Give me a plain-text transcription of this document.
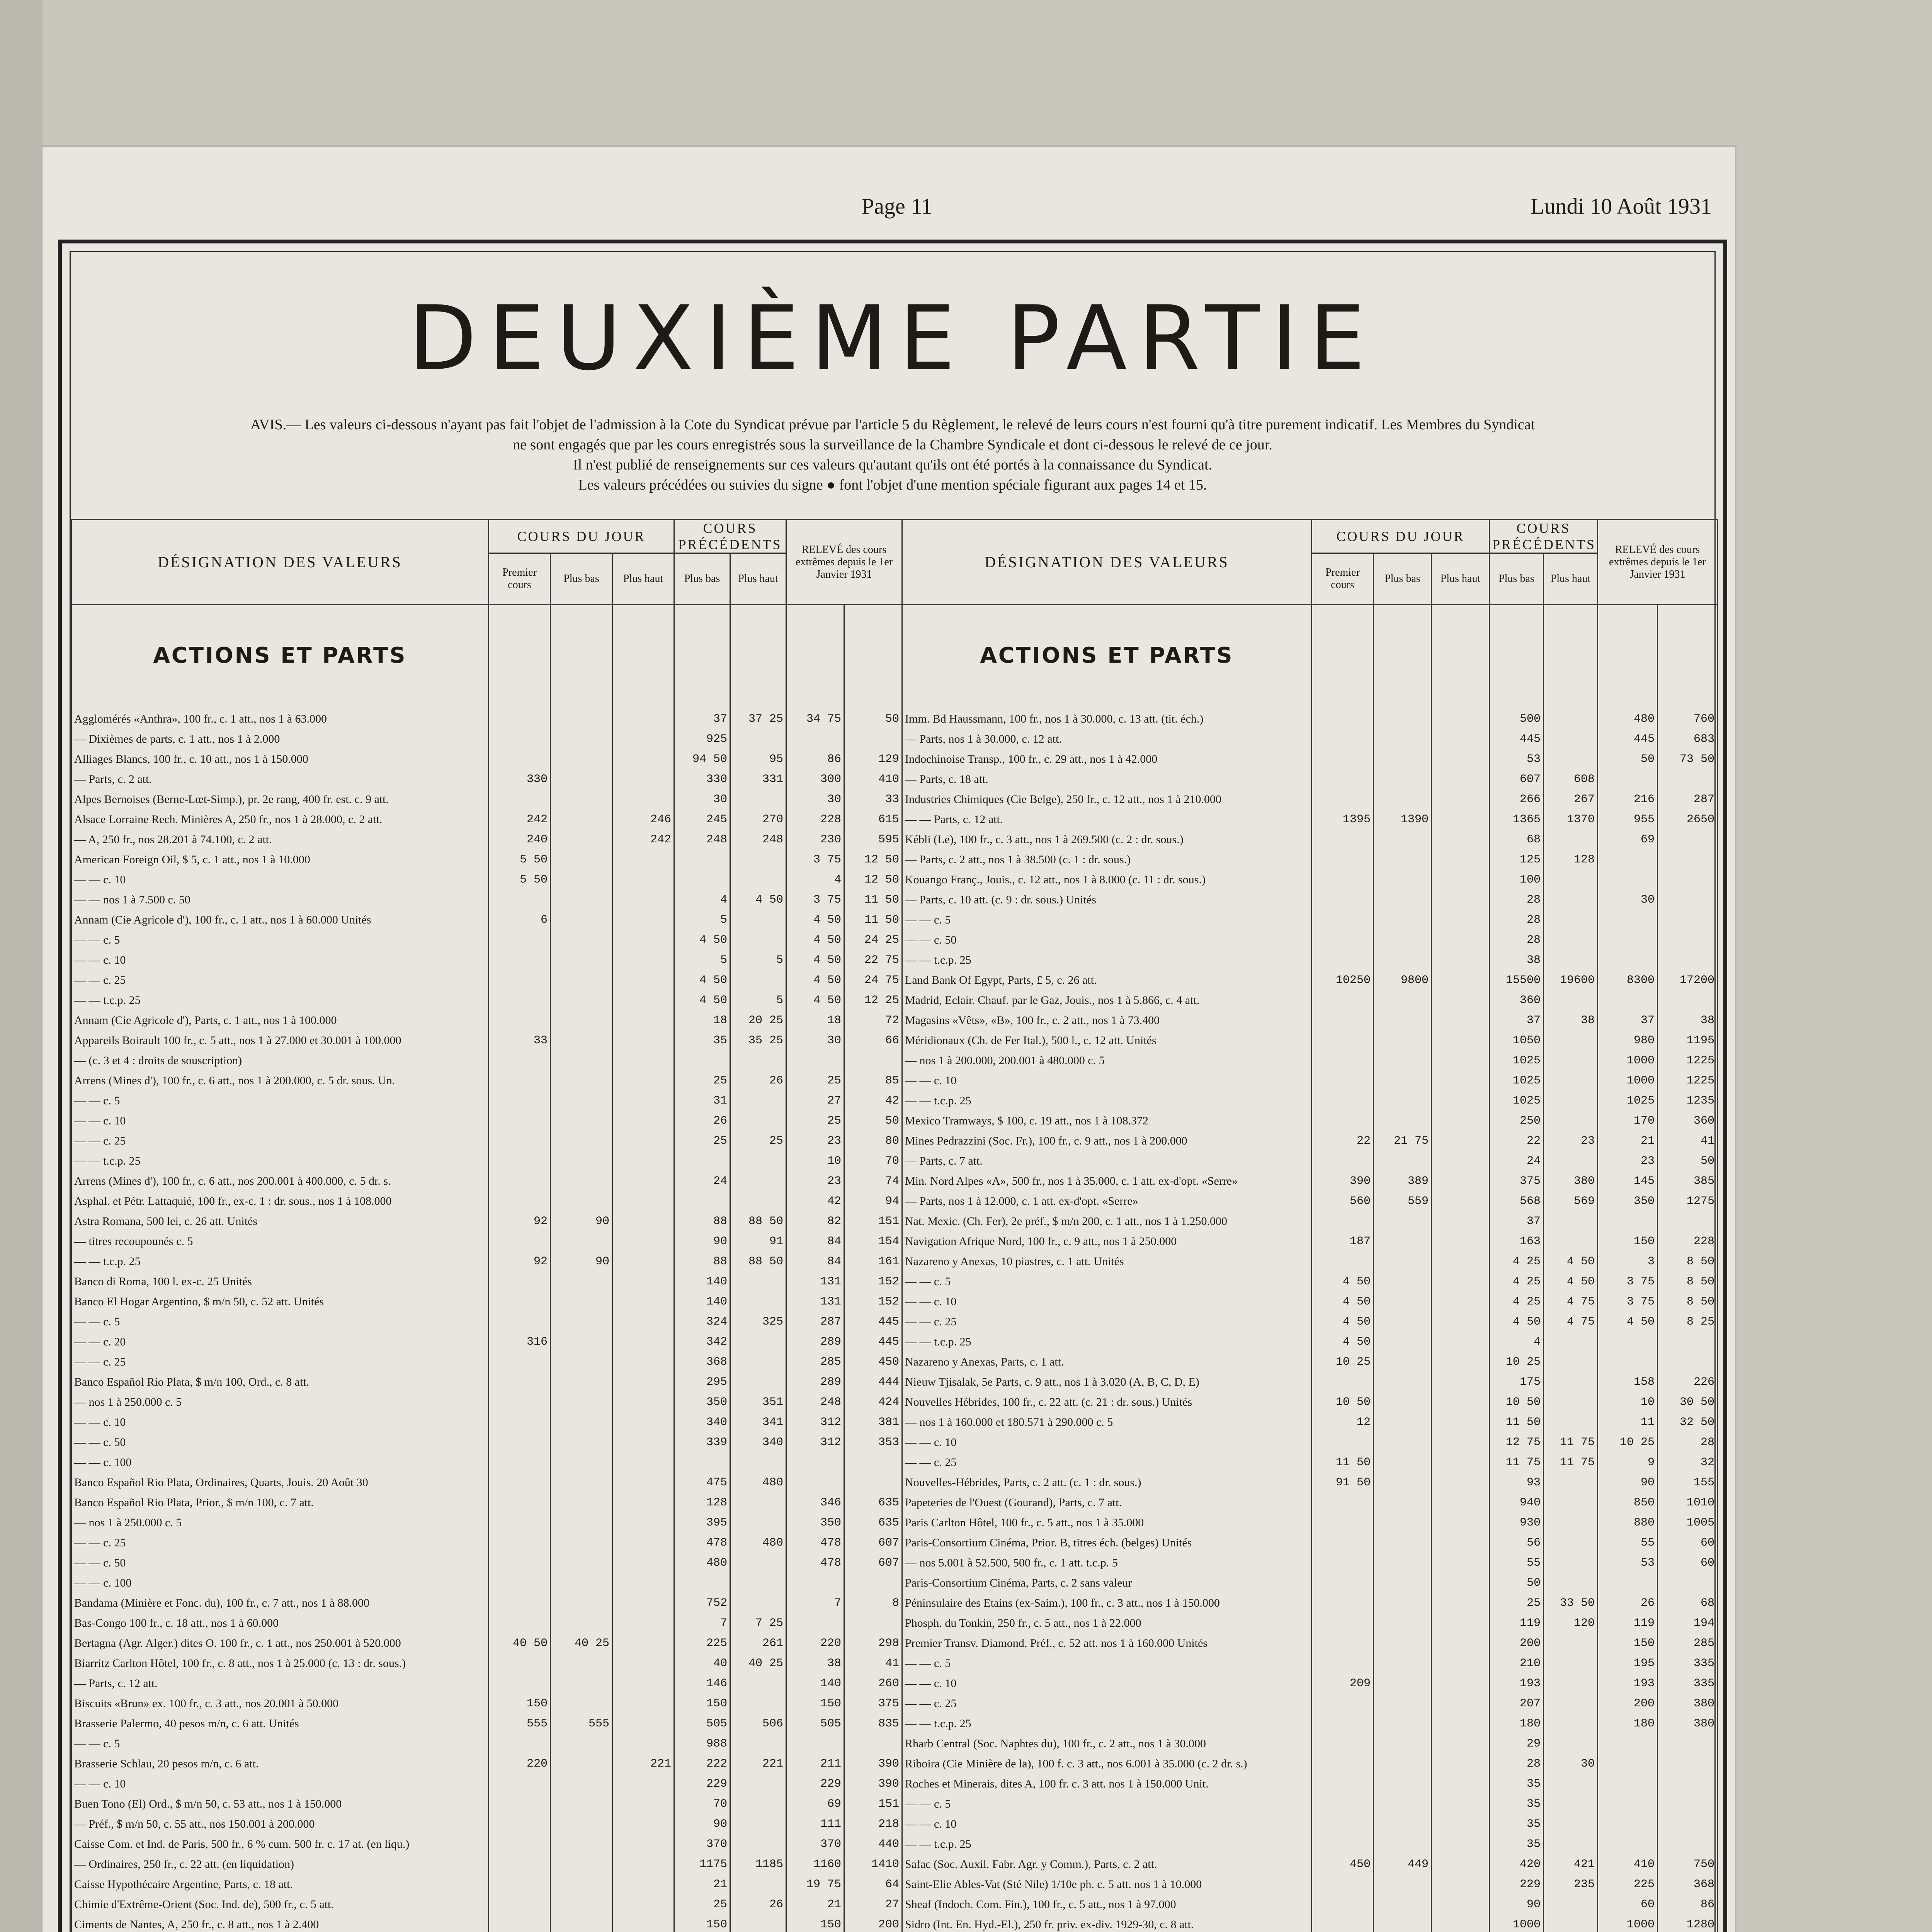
Page 11	Lundi 10 Août 1931
DEUXIÈME PARTIE
AVIS.— Les valeurs ci-dessous n'ayant pas fait l'objet de l'admission à la Cote du Syndicat prévue par l'article 5 du Règlement, le relevé de leurs cours n'est fourni qu'à titre purement indicatif. Les Membres du Syndicat
ne sont engagés que par les cours enregistrés sous la surveillance de la Chambre Syndicale et dont ci-dessous le relevé de ce jour.
Il n'est publié de renseignements sur ces valeurs qu'autant qu'ils ont été portés à la connaissance du Syndicat.
Les valeurs précédées ou suivies du signe ● font l'objet d'une mention spéciale figurant aux pages 14 et 15.
DÉSIGNATION DES VALEURS	COURS DU JOUR			COURS PRÉCÉDENTS		RELEVÉ des cours extrêmes depuis le 1er Janvier 1931	
	Premier cours	Plus bas	Plus haut	Plus bas	Plus haut		
ACTIONS ET PARTS							
Agglomérés «Anthra», 100 fr., c. 1 att., nos 1 à 63.000				37	37 25	34 75	50
— Dixièmes de parts, c. 1 att., nos 1 à 2.000				925			
Alliages Blancs, 100 fr., c. 10 att., nos 1 à 150.000				94 50	95	86	129
— Parts, c. 2 att.	330			330	331	300	410
Alpes Bernoises (Berne-Lœt-Simp.), pr. 2e rang, 400 fr. est. c. 9 att.				30		30	33
Alsace Lorraine Rech. Minières A, 250 fr., nos 1 à 28.000, c. 2 att.	242		246	245	270	228	615
— A, 250 fr., nos 28.201 à 74.100, c. 2 att.	240		242	248	248	230	595
American Foreign Oil, $ 5, c. 1 att., nos 1 à 10.000	5 50					3 75	12 50
— — c. 10	5 50					4	12 50
— — nos 1 à 7.500 c. 50				4	4 50	3 75	11 50
Annam (Cie Agricole d'), 100 fr., c. 1 att., nos 1 à 60.000 Unités	6			5		4 50	11 50
— — c. 5				4 50		4 50	24 25
— — c. 10				5	5	4 50	22 75
— — c. 25				4 50		4 50	24 75
— — t.c.p. 25				4 50	5	4 50	12 25
Annam (Cie Agricole d'), Parts, c. 1 att., nos 1 à 100.000				18	20 25	18	72
Appareils Boirault 100 fr., c. 5 att., nos 1 à 27.000 et 30.001 à 100.000	33			35	35 25	30	66
— (c. 3 et 4 : droits de souscription)							
Arrens (Mines d'), 100 fr., c. 6 att., nos 1 à 200.000, c. 5 dr. sous. Un.				25	26	25	85
— — c. 5				31		27	42
— — c. 10				26		25	50
— — c. 25				25	25	23	80
— — t.c.p. 25						10	70
Arrens (Mines d'), 100 fr., c. 6 att., nos 200.001 à 400.000, c. 5 dr. s.				24		23	74
Asphal. et Pétr. Lattaquié, 100 fr., ex-c. 1 : dr. sous., nos 1 à 108.000						42	94
Astra Romana, 500 lei, c. 26 att. Unités	92	90		88	88 50	82	151
— titres recoupounés c. 5				90	91	84	154
— — t.c.p. 25	92	90		88	88 50	84	161
Banco di Roma, 100 l. ex-c. 25 Unités				140		131	152
Banco El Hogar Argentino, $ m/n 50, c. 52 att. Unités				140		131	152
— — c. 5				324	325	287	445
— — c. 20	316			342		289	445
— — c. 25				368		285	450
Banco Español Rio Plata, $ m/n 100, Ord., c. 8 att.				295		289	444
— nos 1 à 250.000 c. 5				350	351	248	424
— — c. 10				340	341	312	381
— — c. 50				339	340	312	353
— — c. 100							
Banco Español Rio Plata, Ordinaires, Quarts, Jouis. 20 Août 30				475	480		
Banco Español Rio Plata, Prior., $ m/n 100, c. 7 att.				128		346	635
— nos 1 à 250.000 c. 5				395		350	635
— — c. 25				478	480	478	607
— — c. 50				480		478	607
— — c. 100							
Bandama (Minière et Fonc. du), 100 fr., c. 7 att., nos 1 à 88.000				752		7	8
Bas-Congo 100 fr., c. 18 att., nos 1 à 60.000				7	7 25		
Bertagna (Agr. Alger.) dites O. 100 fr., c. 1 att., nos 250.001 à 520.000	40 50	40 25		225	261	220	298
Biarritz Carlton Hôtel, 100 fr., c. 8 att., nos 1 à 25.000 (c. 13 : dr. sous.)				40	40 25	38	41
— Parts, c. 12 att.				146		140	260
Biscuits «Brun» ex. 100 fr., c. 3 att., nos 20.001 à 50.000	150			150		150	375
Brasserie Palermo, 40 pesos m/n, c. 6 att. Unités	555	555		505	506	505	835
— — c. 5				988			
Brasserie Schlau, 20 pesos m/n, c. 6 att.	220		221	222	221	211	390
— — c. 10				229		229	390
Buen Tono (El) Ord., $ m/n 50, c. 53 att., nos 1 à 150.000				70		69	151
— Préf., $ m/n 50, c. 55 att., nos 150.001 à 200.000				90		111	218
Caisse Com. et Ind. de Paris, 500 fr., 6 % cum. 500 fr. c. 17 at. (en liqu.)				370		370	440
— Ordinaires, 250 fr., c. 22 att. (en liquidation)				1175	1185	1160	1410
Caisse Hypothécaire Argentine, Parts, c. 18 att.				21		19 75	64
Chimie d'Extrême-Orient (Soc. Ind. de), 500 fr., c. 5 att.				25	26	21	27
Ciments de Nantes, A, 250 fr., c. 8 att., nos 1 à 2.400				150		150	200

DÉSIGNATION DES VALEURS	COURS DU JOUR			COURS PRÉCÉDENTS		RELEVÉ des cours extrêmes depuis le 1er Janvier 1931	
	Premier cours	Plus bas	Plus haut	Plus bas	Plus haut		
ACTIONS ET PARTS							
Imm. Bd Haussmann, 100 fr., nos 1 à 30.000, c. 13 att. (tit. éch.)				500		480	760
— Parts, nos 1 à 30.000, c. 12 att.				445		445	683
Indochinoise Transp., 100 fr., c. 29 att., nos 1 à 42.000				53		50	73 50
— Parts, c. 18 att.				607	608		
Industries Chimiques (Cie Belge), 250 fr., c. 12 att., nos 1 à 210.000				266	267	216	287
— — Parts, c. 12 att.	1395	1390		1365	1370	955	2650
Kébli (Le), 100 fr., c. 3 att., nos 1 à 269.500 (c. 2 : dr. sous.)				68		69	
— Parts, c. 2 att., nos 1 à 38.500 (c. 1 : dr. sous.)				125	128		
Kouango Franç., Jouis., c. 12 att., nos 1 à 8.000 (c. 11 : dr. sous.)				100			
— Parts, c. 10 att. (c. 9 : dr. sous.) Unités				28		30	
— — c. 5				28			
— — c. 50				28			
— — t.c.p. 25				38			
Land Bank Of Egypt, Parts, £ 5, c. 26 att.	10250	9800		15500	19600	8300	17200
Madrid, Eclair. Chauf. par le Gaz, Jouis., nos 1 à 5.866, c. 4 att.				360			
Magasins «Vêts», «B», 100 fr., c. 2 att., nos 1 à 73.400				37	38	37	38
Méridionaux (Ch. de Fer Ital.), 500 l., c. 12 att. Unités				1050		980	1195
— nos 1 à 200.000, 200.001 à 480.000 c. 5				1025		1000	1225
— — c. 10				1025		1000	1225
— — t.c.p. 25				1025		1025	1235
Mexico Tramways, $ 100, c. 19 att., nos 1 à 108.372				250		170	360
Mines Pedrazzini (Soc. Fr.), 100 fr., c. 9 att., nos 1 à 200.000	22	21 75		22	23	21	41
— Parts, c. 7 att.				24		23	50
Min. Nord Alpes «A», 500 fr., nos 1 à 35.000, c. 1 att. ex-d'opt. «Serre»	390	389		375	380	145	385
— Parts, nos 1 à 12.000, c. 1 att. ex-d'opt. «Serre»	560	559		568	569	350	1275
Nat. Mexic. (Ch. Fer), 2e préf., $ m/n 200, c. 1 att., nos 1 à 1.250.000				37			
Navigation Afrique Nord, 100 fr., c. 9 att., nos 1 à 250.000	187			163		150	228
Nazareno y Anexas, 10 piastres, c. 1 att. Unités				4 25	4 50	3	8 50
— — c. 5	4 50			4 25	4 50	3 75	8 50
— — c. 10	4 50			4 25	4 75	3 75	8 50
— — c. 25	4 50			4 50	4 75	4 50	8 25
— — t.c.p. 25	4 50			4			
Nazareno y Anexas, Parts, c. 1 att.	10 25			10 25			
Nieuw Tjisalak, 5e Parts, c. 9 att., nos 1 à 3.020 (A, B, C, D, E)				175		158	226
Nouvelles Hébrides, 100 fr., c. 22 att. (c. 21 : dr. sous.) Unités	10 50			10 50		10	30 50
— nos 1 à 160.000 et 180.571 à 290.000 c. 5	12			11 50		11	32 50
— — c. 10				12 75	11 75	10 25	28
— — c. 25	11 50			11 75	11 75	9	32
Nouvelles-Hébrides, Parts, c. 2 att. (c. 1 : dr. sous.)	91 50			93		90	155
Papeteries de l'Ouest (Gourand), Parts, c. 7 att.				940		850	1010
Paris Carlton Hôtel, 100 fr., c. 5 att., nos 1 à 35.000				930		880	1005
Paris-Consortium Cinéma, Prior. B, titres éch. (belges) Unités				56		55	60
— nos 5.001 à 52.500, 500 fr., c. 1 att. t.c.p. 5				55		53	60
Paris-Consortium Cinéma, Parts, c. 2 sans valeur				50			
Péninsulaire des Etains (ex-Saim.), 100 fr., c. 3 att., nos 1 à 150.000				25	33 50	26	68
Phosph. du Tonkin, 250 fr., c. 5 att., nos 1 à 22.000				119	120	119	194
Premier Transv. Diamond, Préf., c. 52 att. nos 1 à 160.000 Unités				200		150	285
— — c. 5				210		195	335
— — c. 10	209			193		193	335
— — c. 25				207		200	380
— — t.c.p. 25				180		180	380
Rharb Central (Soc. Naphtes du), 100 fr., c. 2 att., nos 1 à 30.000				29			
Riboira (Cie Minière de la), 100 f. c. 3 att., nos 6.001 à 35.000 (c. 2 dr. s.)				28	30		
Roches et Minerais, dites A, 100 fr. c. 3 att. nos 1 à 150.000 Unit.				35			
— — c. 5				35			
— — c. 10				35			
— — t.c.p. 25				35			
Safac (Soc. Auxil. Fabr. Agr. y Comm.), Parts, c. 2 att.	450	449		420	421	410	750
Saint-Elie Ables-Vat (Sté Nile) 1/10e ph. c. 5 att. nos 1 à 10.000				229	235	225	368
Sheaf (Indoch. Com. Fin.), 100 fr., c. 5 att., nos 1 à 97.000				90		60	86
Sidro (Int. En. Hyd.-El.), 250 fr. priv. ex-div. 1929-30, c. 8 att.				1000		1000	1280
